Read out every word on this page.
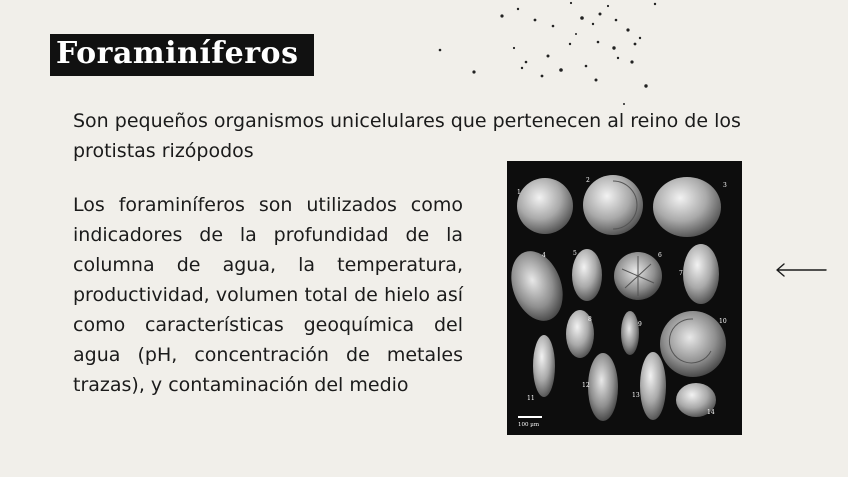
Foraminíferos

Son pequeños organismos unicelulares que pertenecen al reino de los protistas rizópodos

Los foraminíferos son utilizados como indicadores de la profundidad de la columna de agua, la temperatura, productividad, volumen total de hielo así como características geoquímica del agua (pH, concentración de metales trazas), y contaminación del medio

1
2
3
4	5	6
7
8
9	10
11
12
13
14
100 µm
